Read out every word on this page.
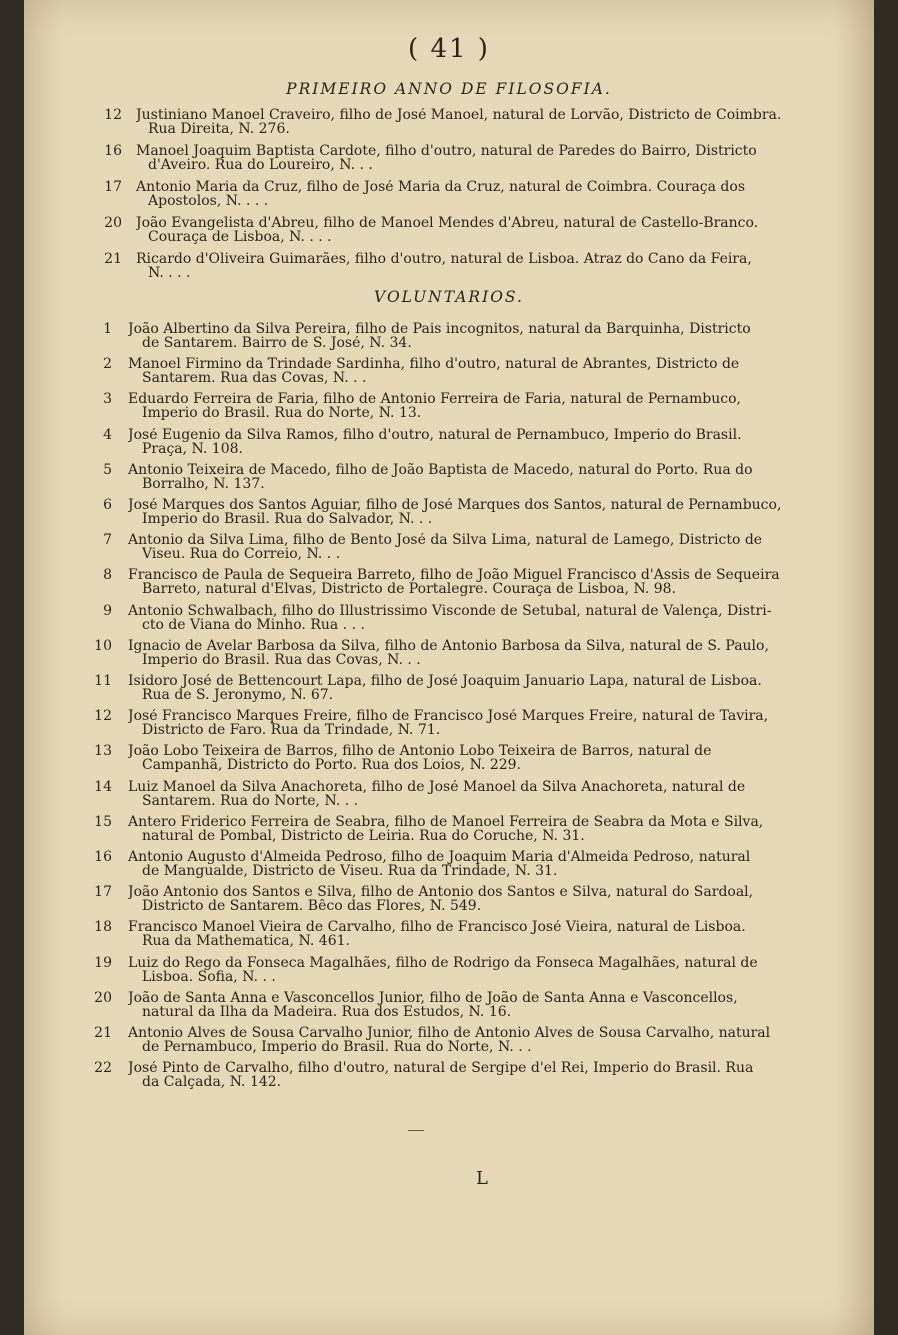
( 41 )
PRIMEIRO ANNO DE FILOSOFIA.
VOLUNTARIOS.
12 Justiniano Manoel Craveiro, filho de José Manoel, natural de Lorvão, Districto de Coimbra.
Rua Direita, N. 276.
16 Manoel Joaquim Baptista Cardote, filho d'outro, natural de Paredes do Bairro, Districto
d'Aveiro. Rua do Loureiro, N. . .
17 Antonio Maria da Cruz, filho de José Maria da Cruz, natural de Coimbra. Couraça dos
Apostolos, N. . . .
20 João Evangelista d'Abreu, filho de Manoel Mendes d'Abreu, natural de Castello-Branco.
Couraça de Lisboa, N. . . .
21 Ricardo d'Oliveira Guimarães, filho d'outro, natural de Lisboa. Atraz do Cano da Feira,
N. . . .
1 João Albertino da Silva Pereira, filho de Pais incognitos, natural da Barquinha, Districto
de Santarem. Bairro de S. José, N. 34.
2 Manoel Firmino da Trindade Sardinha, filho d'outro, natural de Abrantes, Districto de
Santarem. Rua das Covas, N. . .
3 Eduardo Ferreira de Faria, filho de Antonio Ferreira de Faria, natural de Pernambuco,
Imperio do Brasil. Rua do Norte, N. 13.
4 José Eugenio da Silva Ramos, filho d'outro, natural de Pernambuco, Imperio do Brasil.
Praça, N. 108.
5 Antonio Teixeira de Macedo, filho de João Baptista de Macedo, natural do Porto. Rua do
Borralho, N. 137.
6 José Marques dos Santos Aguiar, filho de José Marques dos Santos, natural de Pernambuco,
Imperio do Brasil. Rua do Salvador, N. . .
7 Antonio da Silva Lima, filho de Bento José da Silva Lima, natural de Lamego, Districto de
Viseu. Rua do Correio, N. . .
8 Francisco de Paula de Sequeira Barreto, filho de João Miguel Francisco d'Assis de Sequeira
Barreto, natural d'Elvas, Districto de Portalegre. Couraça de Lisboa, N. 98.
9 Antonio Schwalbach, filho do Illustrissimo Visconde de Setubal, natural de Valença, Distri-
cto de Viana do Minho. Rua . . .
10 Ignacio de Avelar Barbosa da Silva, filho de Antonio Barbosa da Silva, natural de S. Paulo,
Imperio do Brasil. Rua das Covas, N. . .
11 Isidoro José de Bettencourt Lapa, filho de José Joaquim Januario Lapa, natural de Lisboa.
Rua de S. Jeronymo, N. 67.
12 José Francisco Marques Freire, filho de Francisco José Marques Freire, natural de Tavira,
Districto de Faro. Rua da Trindade, N. 71.
13 João Lobo Teixeira de Barros, filho de Antonio Lobo Teixeira de Barros, natural de
Campanhã, Districto do Porto. Rua dos Loios, N. 229.
14 Luiz Manoel da Silva Anachoreta, filho de José Manoel da Silva Anachoreta, natural de
Santarem. Rua do Norte, N. . .
15 Antero Friderico Ferreira de Seabra, filho de Manoel Ferreira de Seabra da Mota e Silva,
natural de Pombal, Districto de Leiria. Rua do Coruche, N. 31.
16 Antonio Augusto d'Almeida Pedroso, filho de Joaquim Maria d'Almeida Pedroso, natural
de Mangualde, Districto de Viseu. Rua da Trindade, N. 31.
17 João Antonio dos Santos e Silva, filho de Antonio dos Santos e Silva, natural do Sardoal,
Districto de Santarem. Bêco das Flores, N. 549.
18 Francisco Manoel Vieira de Carvalho, filho de Francisco José Vieira, natural de Lisboa.
Rua da Mathematica, N. 461.
19 Luiz do Rego da Fonseca Magalhães, filho de Rodrigo da Fonseca Magalhães, natural de
Lisboa. Sofia, N. . .
20 João de Santa Anna e Vasconcellos Junior, filho de João de Santa Anna e Vasconcellos,
natural da Ilha da Madeira. Rua dos Estudos, N. 16.
21 Antonio Alves de Sousa Carvalho Junior, filho de Antonio Alves de Sousa Carvalho, natural
de Pernambuco, Imperio do Brasil. Rua do Norte, N. . .
22 José Pinto de Carvalho, filho d'outro, natural de Sergipe d'el Rei, Imperio do Brasil. Rua
da Calçada, N. 142.
L
